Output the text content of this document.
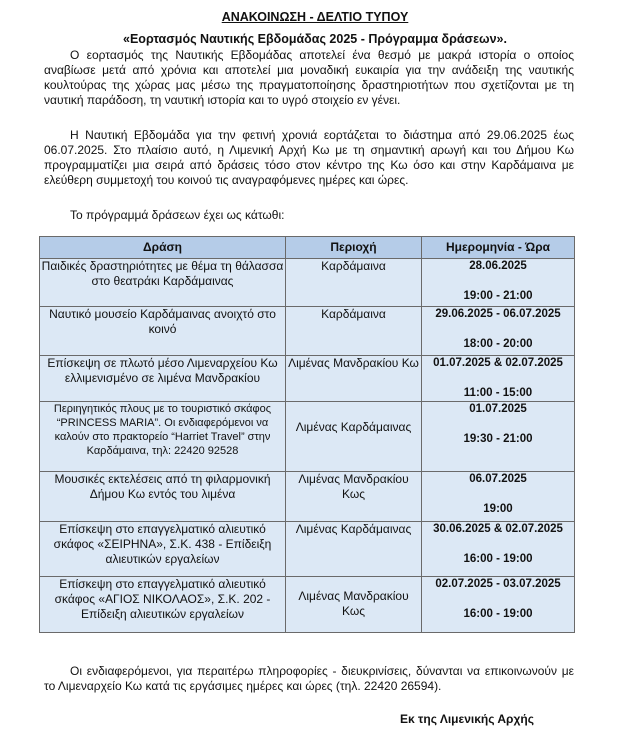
ΑΝΑΚΟΙΝΩΣΗ - ΔΕΛΤΙΟ ΤΥΠΟΥ
«Εορτασμός Ναυτικής Εβδομάδας 2025 - Πρόγραμμα δράσεων».

Ο εορτασμός της Ναυτικής Εβδομάδας αποτελεί ένα θεσμό με μακρά ιστορία ο οποίος αναβίωσε μετά από χρόνια και αποτελεί μια μοναδική ευκαιρία για την ανάδειξη της ναυτικής κουλτούρας της χώρας μας μέσω της πραγματοποίησης δραστηριοτήτων που σχετίζονται με τη ναυτική παράδοση, τη ναυτική ιστορία και το υγρό στοιχείο εν γένει.

Η Ναυτική Εβδομάδα για την φετινή χρονιά εορτάζεται το διάστημα από 29.06.2025 έως 06.07.2025. Στο πλαίσιο αυτό, η Λιμενική Αρχή Κω με τη σημαντική αρωγή και του Δήμου Κω προγραμματίζει μια σειρά από δράσεις τόσο στον κέντρο της Κω όσο και στην Καρδάμαινα με ελεύθερη συμμετοχή του κοινού τις αναγραφόμενες ημέρες και ώρες.

Το πρόγραμμά δράσεων έχει ως κάτωθι:

Δράση	Περιοχή	Ημερομηνία - Ώρα
Παιδικές δραστηριότητες με θέμα τη θάλασσα στο θεατράκι Καρδάμαινας	Καρδάμαινα	28.06.2025
19:00 - 21:00

Ναυτικό μουσείο Καρδάμαινας ανοιχτό στο κοινό	Καρδάμαινα	29.06.2025 - 06.07.2025
18:00 - 20:00

Επίσκεψη σε πλωτό μέσο Λιμεναρχείου Κω ελλιμενισμένο σε λιμένα Μανδρακίου	Λιμένας Μανδρακίου Κω	01.07.2025 & 02.07.2025
11:00 - 15:00

Περιηγητικός πλους με το τουριστικό σκάφος “PRINCESS MARIA”. Οι ενδιαφερόμενοι να καλούν στο πρακτορείο “Harriet Travel” στην Καρδάμαινα, τηλ: 22420 92528	Λιμένας Καρδάμαινας	01.07.2025
19:30 - 21:00

Μουσικές εκτελέσεις από τη φιλαρμονική Δήμου Κω εντός του λιμένα	Λιμένας Μανδρακίου Κως	06.07.2025
19:00

Επίσκεψη στο επαγγελματικό αλιευτικό σκάφος «ΣΕΙΡΗΝΑ», Σ.Κ. 438 - Επίδειξη αλιευτικών εργαλείων	Λιμένας Καρδάμαινας	30.06.2025 & 02.07.2025
16:00 - 19:00

Επίσκεψη στο επαγγελματικό αλιευτικό σκάφος «ΑΓΙΟΣ ΝΙΚΟΛΑΟΣ», Σ.Κ. 202 - Επίδειξη αλιευτικών εργαλείων	Λιμένας Μανδρακίου Κως	02.07.2025 - 03.07.2025
16:00 - 19:00

Οι ενδιαφερόμενοι, για περαιτέρω πληροφορίες - διευκρινίσεις, δύνανται να επικοινωνούν με το Λιμεναρχείο Κω κατά τις εργάσιμες ημέρες και ώρες (τηλ. 22420 26594).

Εκ της Λιμενικής Αρχής
